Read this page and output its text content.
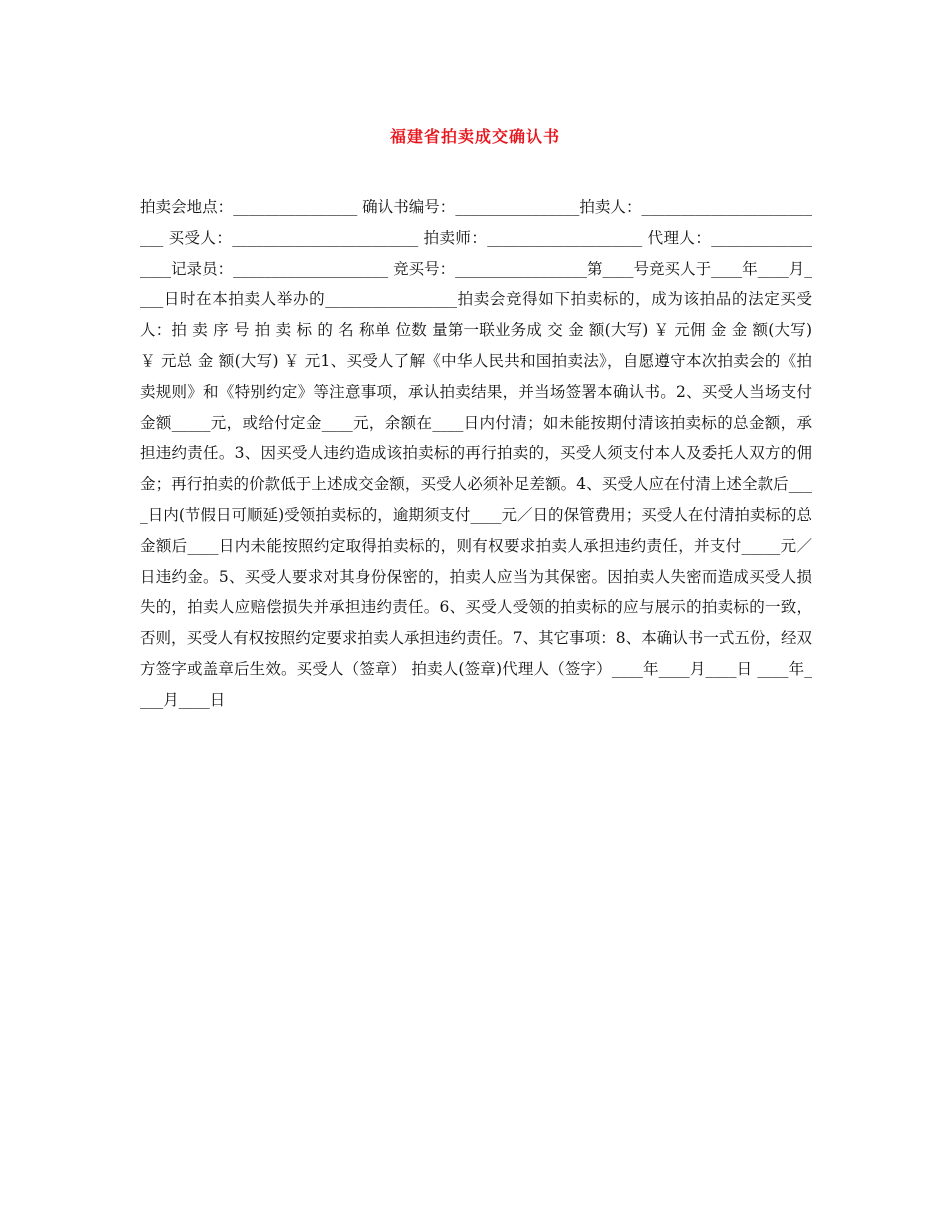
福建省拍卖成交确认书

拍卖会地点：________________ 确认书编号：________________拍卖人：_________________________ 买受人：________________________ 拍卖师：____________________ 代理人：_________________记录员：____________________ 竞买号：_________________第____号竞买人于____年____月____日时在本拍卖人举办的_________________拍卖会竞得如下拍卖标的，成为该拍品的法定买受人：拍 卖 序 号 拍 卖 标 的 名 称单 位数 量第一联业务成 交 金 额(大写) ￥ 元佣 金 金 额(大写) ￥ 元总 金 额(大写) ￥ 元1、买受人了解《中华人民共和国拍卖法》，自愿遵守本次拍卖会的《拍卖规则》和《特别约定》等注意事项，承认拍卖结果，并当场签署本确认书。2、买受人当场支付金额_____元，或给付定金____元，余额在____日内付清；如未能按期付清该拍卖标的总金额，承担违约责任。3、因买受人违约造成该拍卖标的再行拍卖的，买受人须支付本人及委托人双方的佣金；再行拍卖的价款低于上述成交金额，买受人必须补足差额。4、买受人应在付清上述全款后____日内(节假日可顺延)受领拍卖标的，逾期须支付____元／日的保管费用；买受人在付清拍卖标的总金额后____日内未能按照约定取得拍卖标的，则有权要求拍卖人承担违约责任，并支付_____元／日违约金。5、买受人要求对其身份保密的，拍卖人应当为其保密。因拍卖人失密而造成买受人损失的，拍卖人应赔偿损失并承担违约责任。6、买受人受领的拍卖标的应与展示的拍卖标的一致，否则，买受人有权按照约定要求拍卖人承担违约责任。7、其它事项：8、本确认书一式五份，经双方签字或盖章后生效。买受人（签章） 拍卖人(签章)代理人（签字）____年____月____日 ____年____月____日
